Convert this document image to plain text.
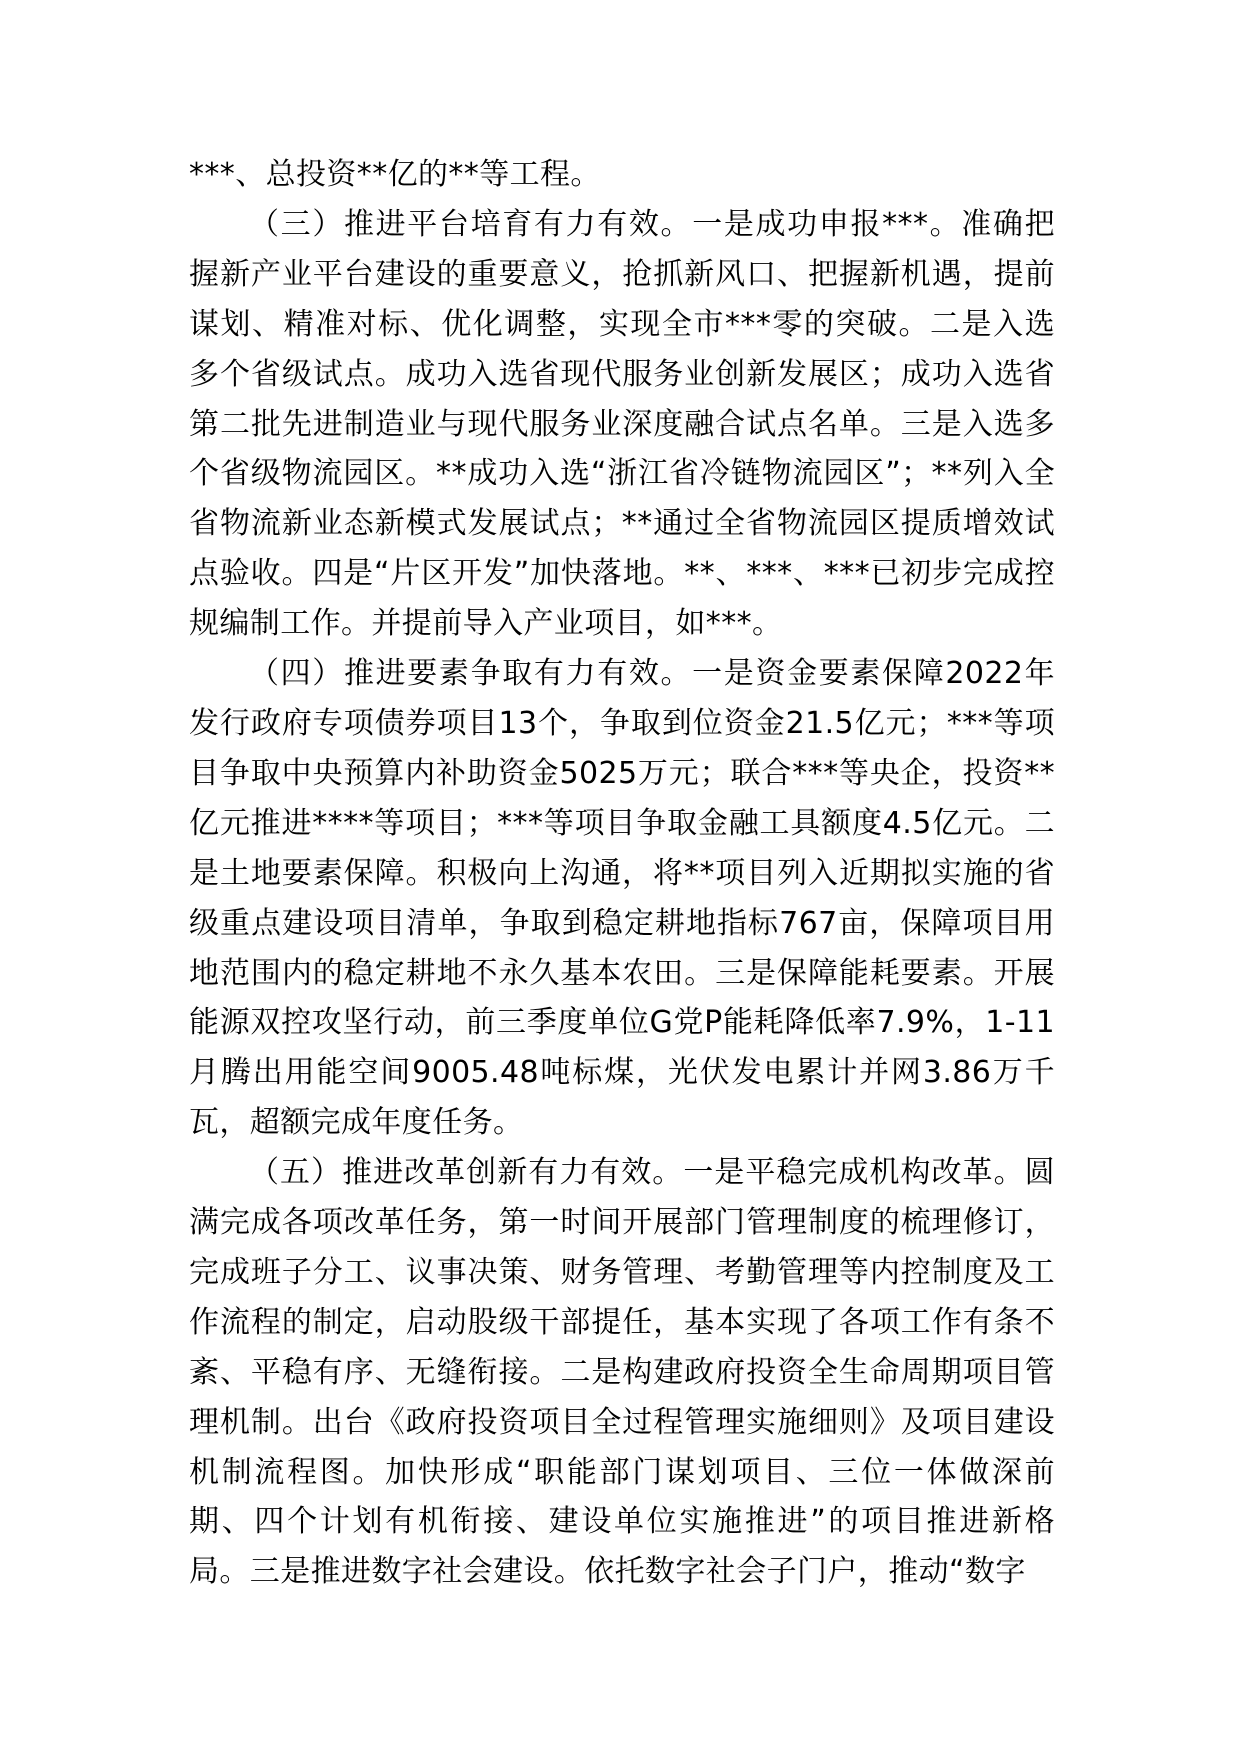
***、总投资**亿的**等工程。

（三）推进平台培育有力有效。一是成功申报***。准确把握新产业平台建设的重要意义，抢抓新风口、把握新机遇，提前谋划、精准对标、优化调整，实现全市***零的突破。二是入选多个省级试点。成功入选省现代服务业创新发展区；成功入选省第二批先进制造业与现代服务业深度融合试点名单。三是入选多个省级物流园区。**成功入选“浙江省冷链物流园区”；**列入全省物流新业态新模式发展试点；**通过全省物流园区提质增效试点验收。四是“片区开发”加快落地。**、***、***已初步完成控规编制工作。并提前导入产业项目，如***。

（四）推进要素争取有力有效。一是资金要素保障2022年发行政府专项债券项目13个，争取到位资金21.5亿元；***等项目争取中央预算内补助资金5025万元；联合***等央企，投资**亿元推进****等项目；***等项目争取金融工具额度4.5亿元。二是土地要素保障。积极向上沟通，将**项目列入近期拟实施的省级重点建设项目清单，争取到稳定耕地指标767亩，保障项目用地范围内的稳定耕地不永久基本农田。三是保障能耗要素。开展能源双控攻坚行动，前三季度单位G党P能耗降低率7.9%，1-11月腾出用能空间9005.48吨标煤，光伏发电累计并网3.86万千瓦，超额完成年度任务。

（五）推进改革创新有力有效。一是平稳完成机构改革。圆满完成各项改革任务，第一时间开展部门管理制度的梳理修订，完成班子分工、议事决策、财务管理、考勤管理等内控制度及工作流程的制定，启动股级干部提任，基本实现了各项工作有条不紊、平稳有序、无缝衔接。二是构建政府投资全生命周期项目管理机制。出台《政府投资项目全过程管理实施细则》及项目建设机制流程图。加快形成“职能部门谋划项目、三位一体做深前期、四个计划有机衔接、建设单位实施推进”的项目推进新格局。三是推进数字社会建设。依托数字社会子门户，推动“数字
